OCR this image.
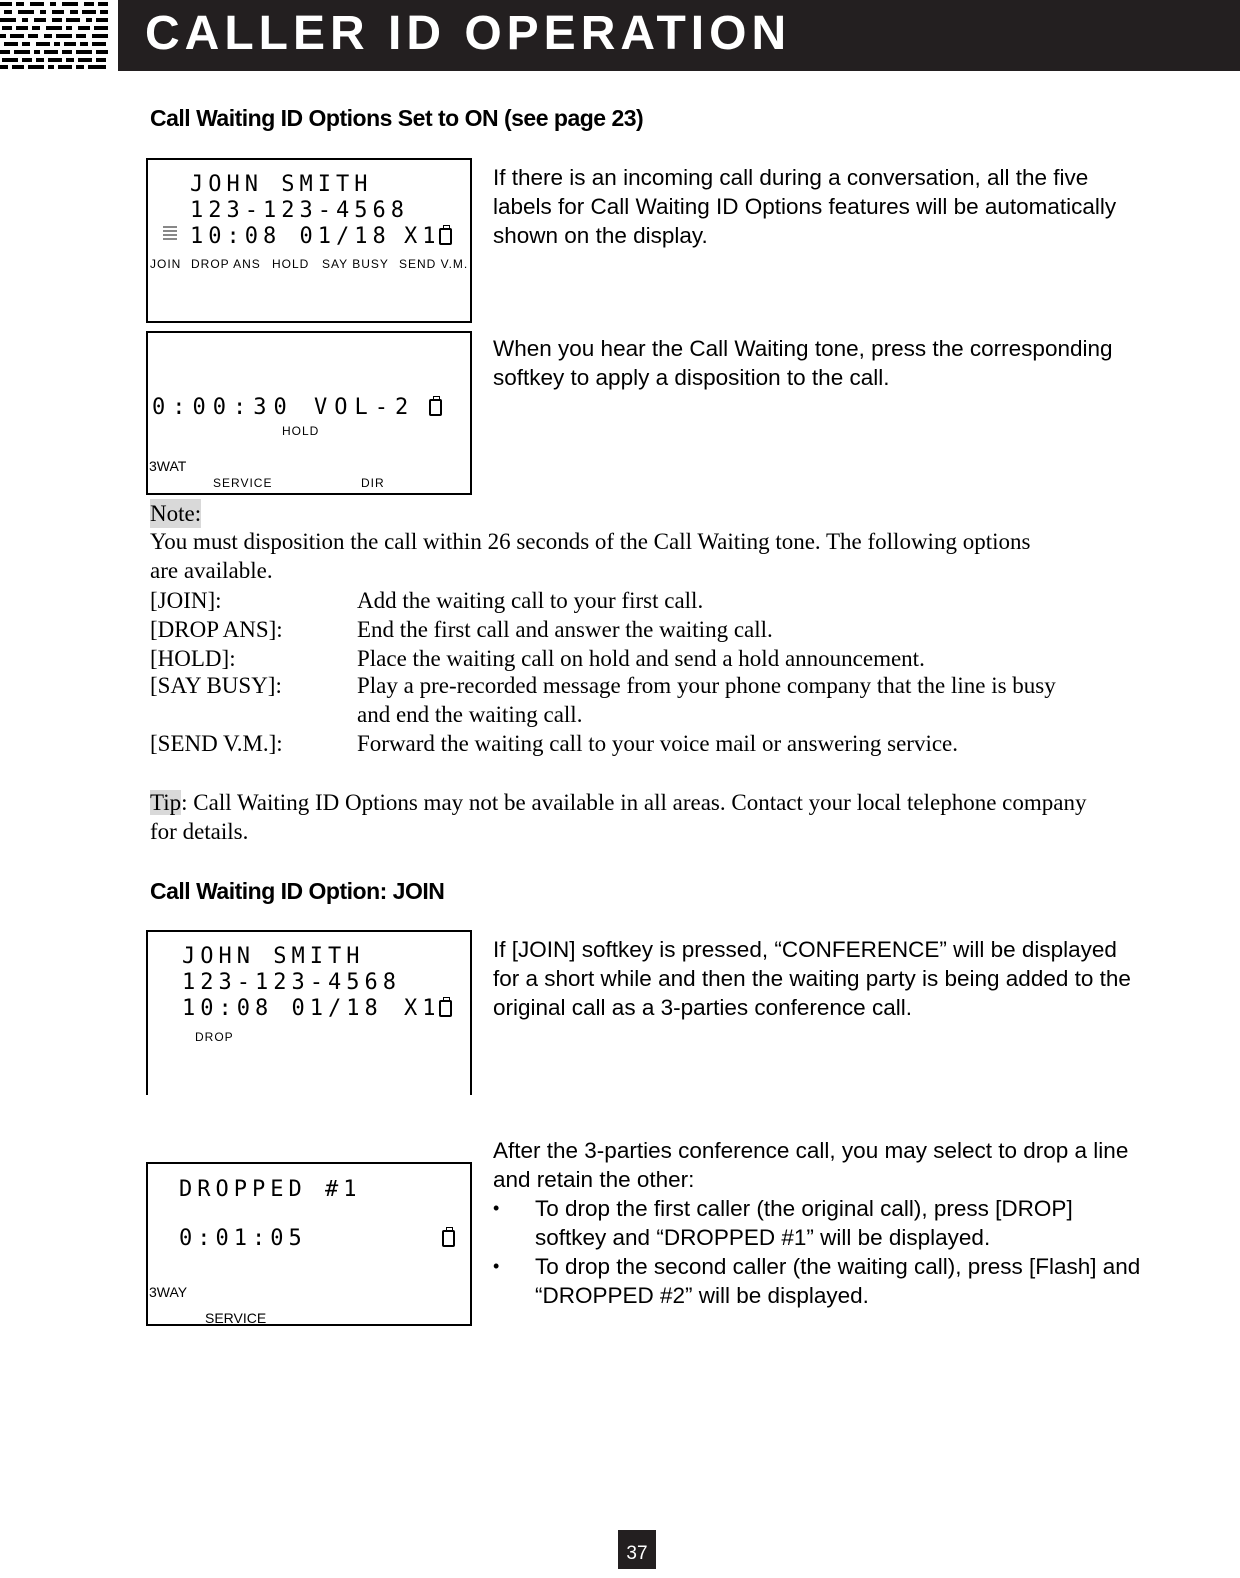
CALLER ID OPERATION
Call Waiting ID Options Set to ON (see page 23)
JOHN SMITH
123-123-4568
10:08 01/18 X1
JOIN DROP ANS HOLD SAY BUSY SEND V.M.
0:00:30 VOL-2
HOLD
3WAT
SERVICE	DIR

If there is an incoming call during a conversation, all the five labels for Call Waiting ID Options features will be automatically shown on the display.

When you hear the Call Waiting tone, press the corresponding softkey to apply a disposition to the call.

Note:
You must disposition the call within 26 seconds of the Call Waiting tone. The following options are available.
[JOIN]:	Add the waiting call to your first call.
[DROP ANS]:	End the first call and answer the waiting call.
[HOLD]:	Place the waiting call on hold and send a hold announcement.
[SAY BUSY]:	Play a pre-recorded message from your phone company that the line is busy and end the waiting call.
[SEND V.M.]:	Forward the waiting call to your voice mail or answering service.
Tip: Call Waiting ID Options may not be available in all areas. Contact your local telephone company for details.
Call Waiting ID Option: JOIN
JOHN SMITH
123-123-4568
10:08 01/18 X1
DROP
DROPPED #1
0:01:05
3WAY
SERVICE

If [JOIN] softkey is pressed, “CONFERENCE” will be displayed for a short while and then the waiting party is being added to the original call as a 3-parties conference call.

After the 3-parties conference call, you may select to drop a line and retain the other:

• To drop the first caller (the original call), press [DROP] softkey and “DROPPED #1” will be displayed.
• To drop the second caller (the waiting call), press [Flash] and “DROPPED #2” will be displayed.
37
